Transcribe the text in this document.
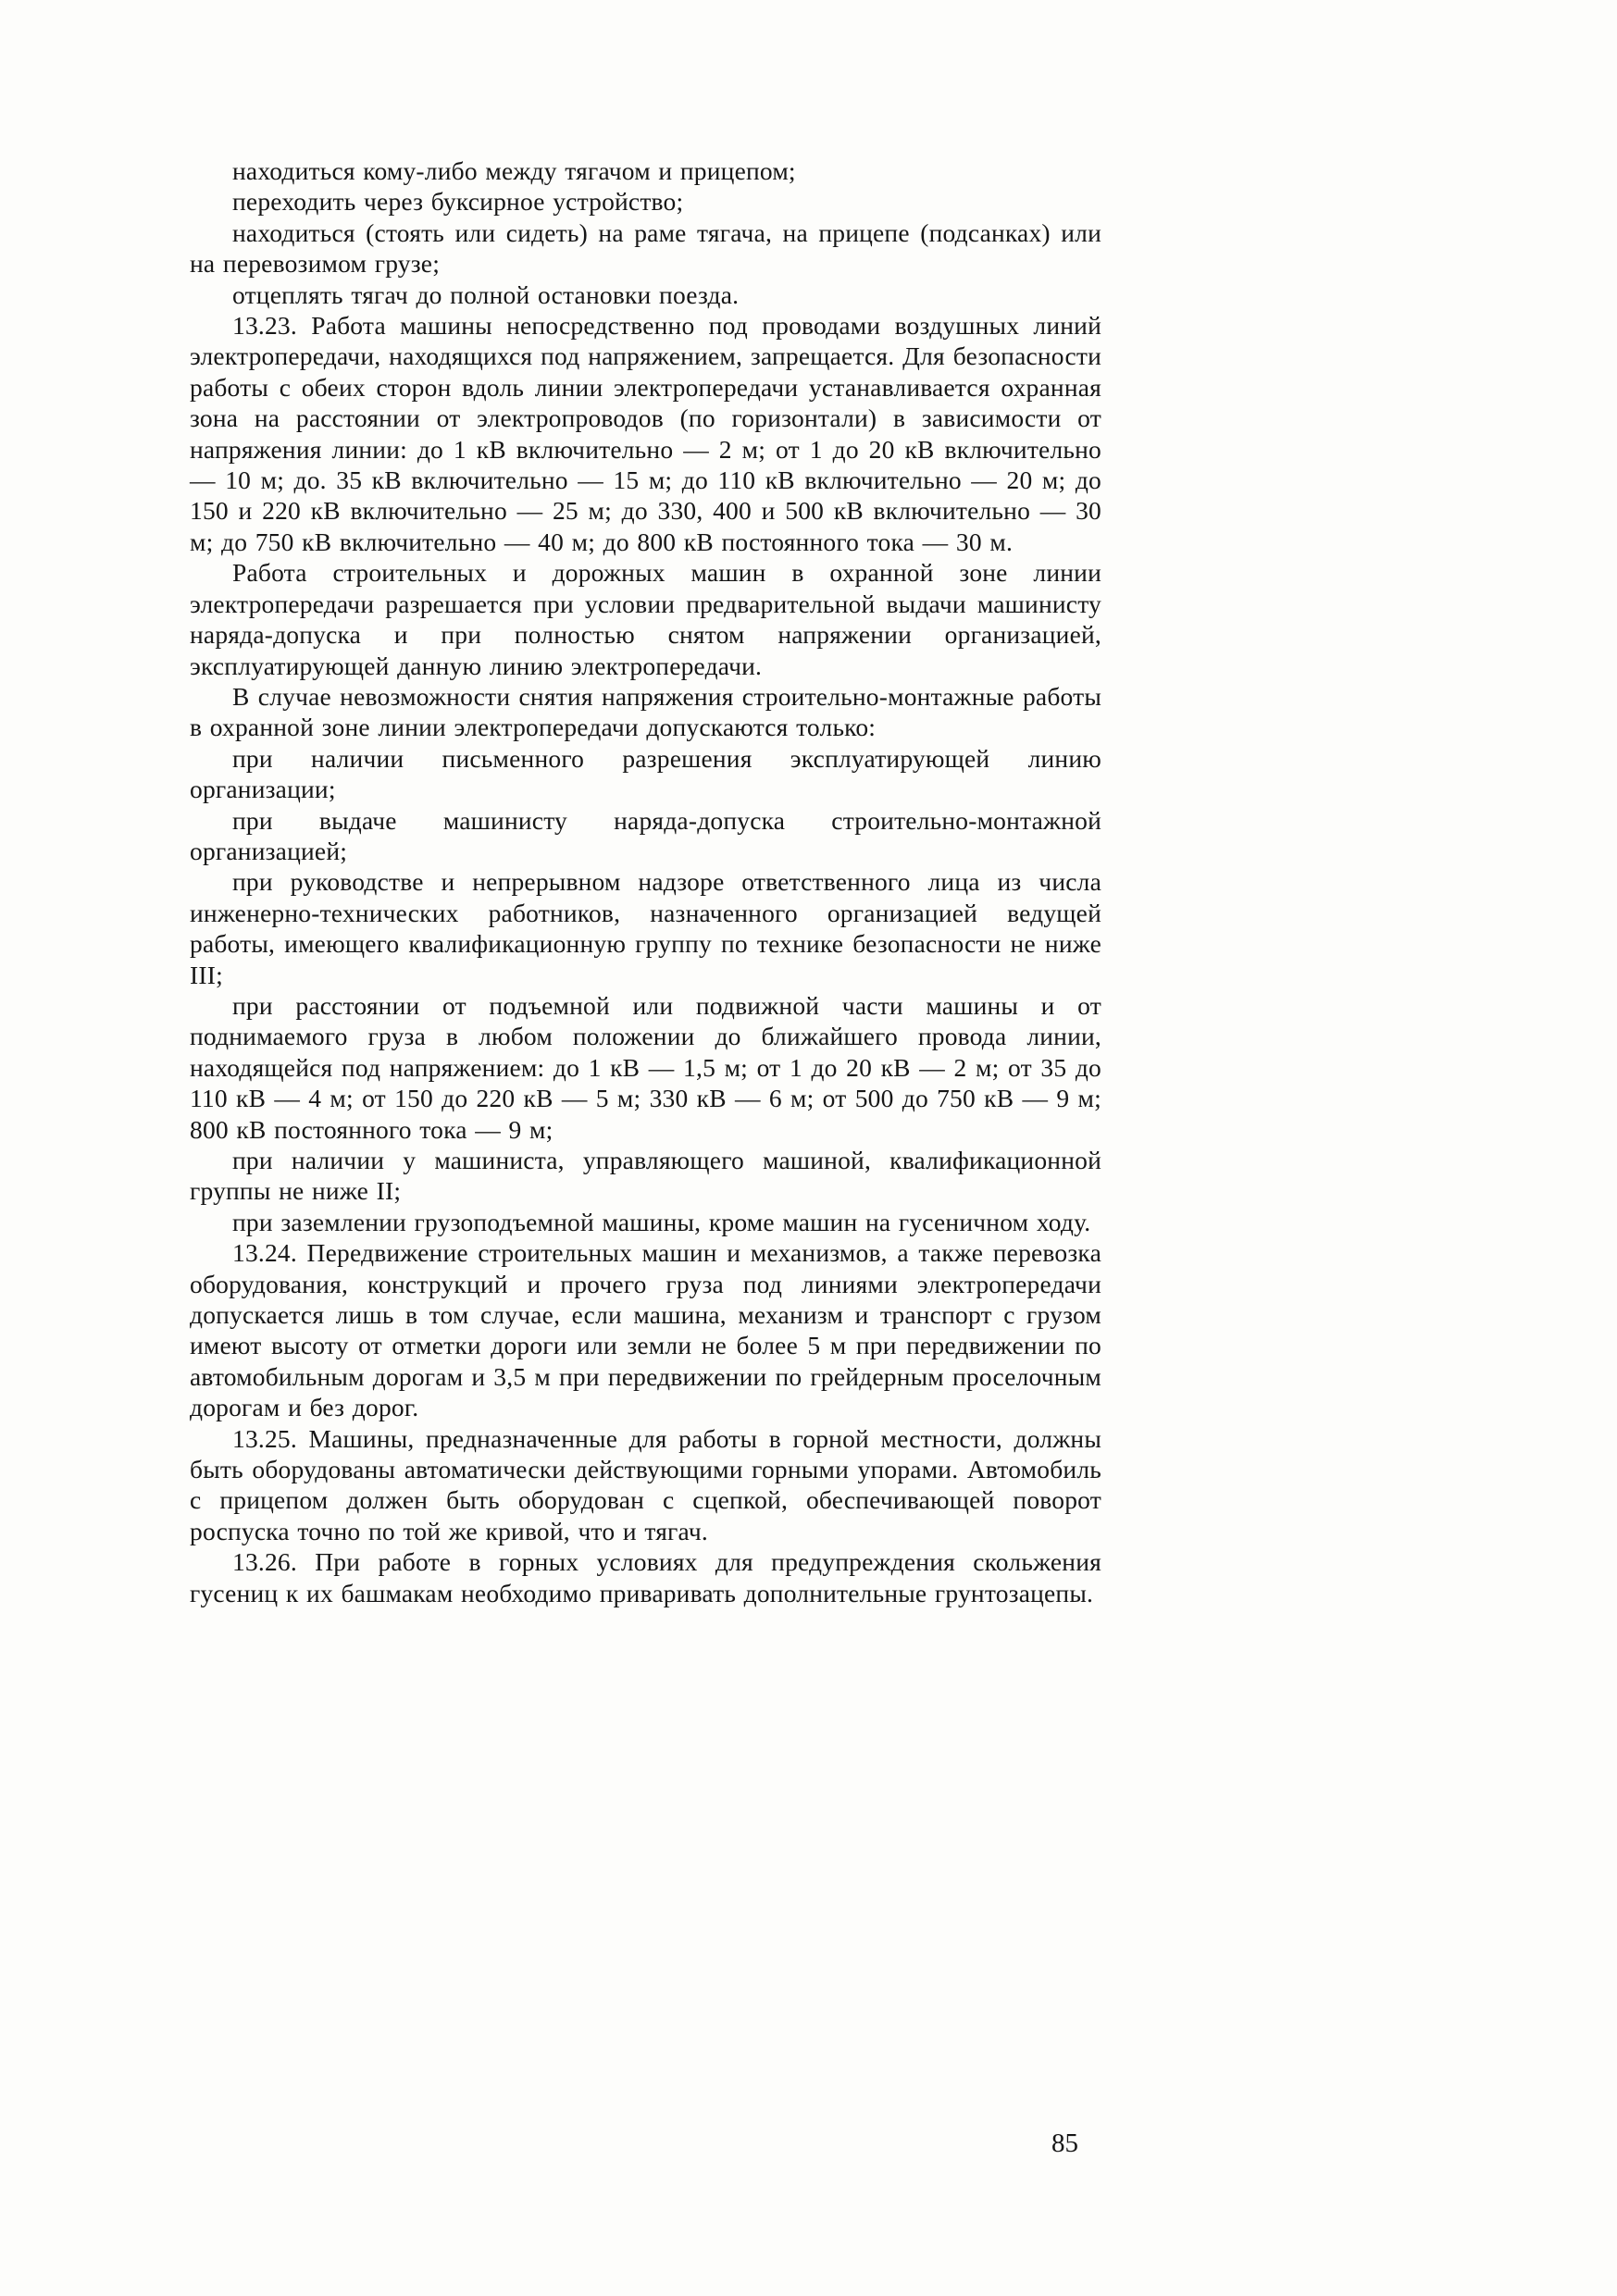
находиться кому-либо между тягачом и прицепом;

переходить через буксирное устройство;

находиться (стоять или сидеть) на раме тягача, на прицепе (подсанках) или на перевозимом грузе;

отцеплять тягач до полной остановки поезда.

13.23. Работа машины непосредственно под проводами воздушных линий электропередачи, находящихся под напряжением, запрещается. Для безопасности работы с обеих сторон вдоль линии электропередачи устанавливается охранная зона на расстоянии от электропроводов (по горизонтали) в зависимости от напряжения линии: до 1 кВ включительно — 2 м; от 1 до 20 кВ включительно — 10 м; до. 35 кВ включительно — 15 м; до 110 кВ включительно — 20 м; до 150 и 220 кВ включительно — 25 м; до 330, 400 и 500 кВ включительно — 30 м; до 750 кВ включительно — 40 м; до 800 кВ постоянного тока — 30 м.

Работа строительных и дорожных машин в охранной зоне линии электропередачи разрешается при условии предварительной выдачи машинисту наряда-допуска и при полностью снятом напряжении организацией, эксплуатирующей данную линию электропередачи.

В случае невозможности снятия напряжения строительно-монтажные работы в охранной зоне линии электропередачи допускаются только:

при наличии письменного разрешения эксплуатирующей линию организации;

при выдаче машинисту наряда-допуска строительно-монтажной организацией;

при руководстве и непрерывном надзоре ответственного лица из числа инженерно-технических работников, назначенного организацией ведущей работы, имеющего квалификационную группу по технике безопасности не ниже III;

при расстоянии от подъемной или подвижной части машины и от поднимаемого груза в любом положении до ближайшего провода линии, находящейся под напряжением: до 1 кВ — 1,5 м; от 1 до 20 кВ — 2 м; от 35 до 110 кВ — 4 м; от 150 до 220 кВ — 5 м; 330 кВ — 6 м; от 500 до 750 кВ — 9 м; 800 кВ постоянного тока — 9 м;

при наличии у машиниста, управляющего машиной, квалификационной группы не ниже II;

при заземлении грузоподъемной машины, кроме машин на гусеничном ходу.

13.24. Передвижение строительных машин и механизмов, а также перевозка оборудования, конструкций и прочего груза под линиями электропередачи допускается лишь в том случае, если машина, механизм и транспорт с грузом имеют высоту от отметки дороги или земли не более 5 м при передвижении по автомобильным дорогам и 3,5 м при передвижении по грейдерным проселочным дорогам и без дорог.

13.25. Машины, предназначенные для работы в горной местности, должны быть оборудованы автоматически действующими горными упорами. Автомобиль с прицепом должен быть оборудован с сцепкой, обеспечивающей поворот роспуска точно по той же кривой, что и тягач.

13.26. При работе в горных условиях для предупреждения скольжения гусениц к их башмакам необходимо приваривать дополнительные грунтозацепы.

85
